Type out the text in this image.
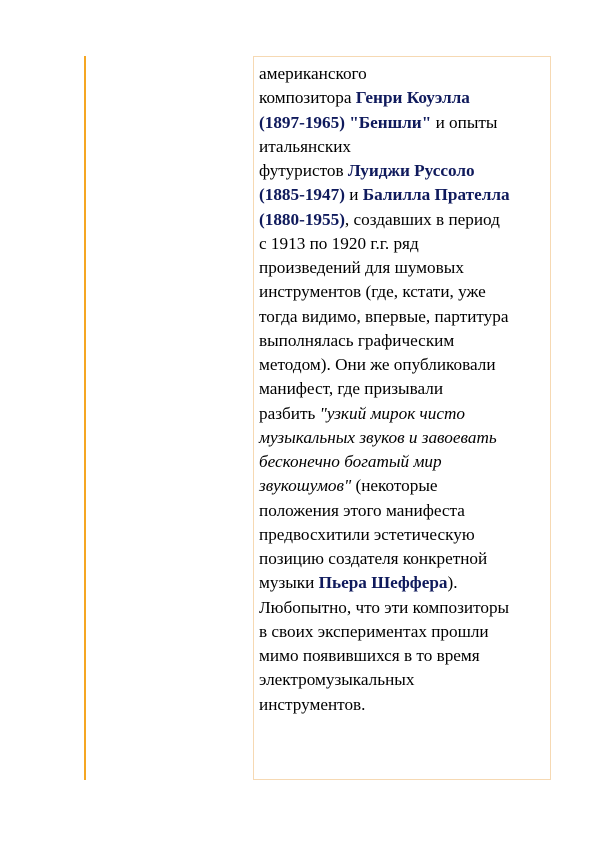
американского
композитора Генри Коуэлла
(1897-1965) "Беншли" и опыты
итальянских
футуристов Луиджи Руссоло
(1885-1947) и Балилла Прателла
(1880-1955), создавших в период
с 1913 по 1920 г.г. ряд
произведений для шумовых
инструментов (где, кстати, уже
тогда видимо, впервые, партитура
выполнялась графическим
методом). Они же опубликовали
манифест, где призывали
разбить "узкий мирок чисто
музыкальных звуков и завоевать
бесконечно богатый мир
звукошумов" (некоторые
положения этого манифеста
предвосхитили эстетическую
позицию создателя конкретной
музыки Пьера Шеффера).
Любопытно, что эти композиторы
в своих экспериментах прошли
мимо появившихся в то время
электромузыкальных
инструментов.
